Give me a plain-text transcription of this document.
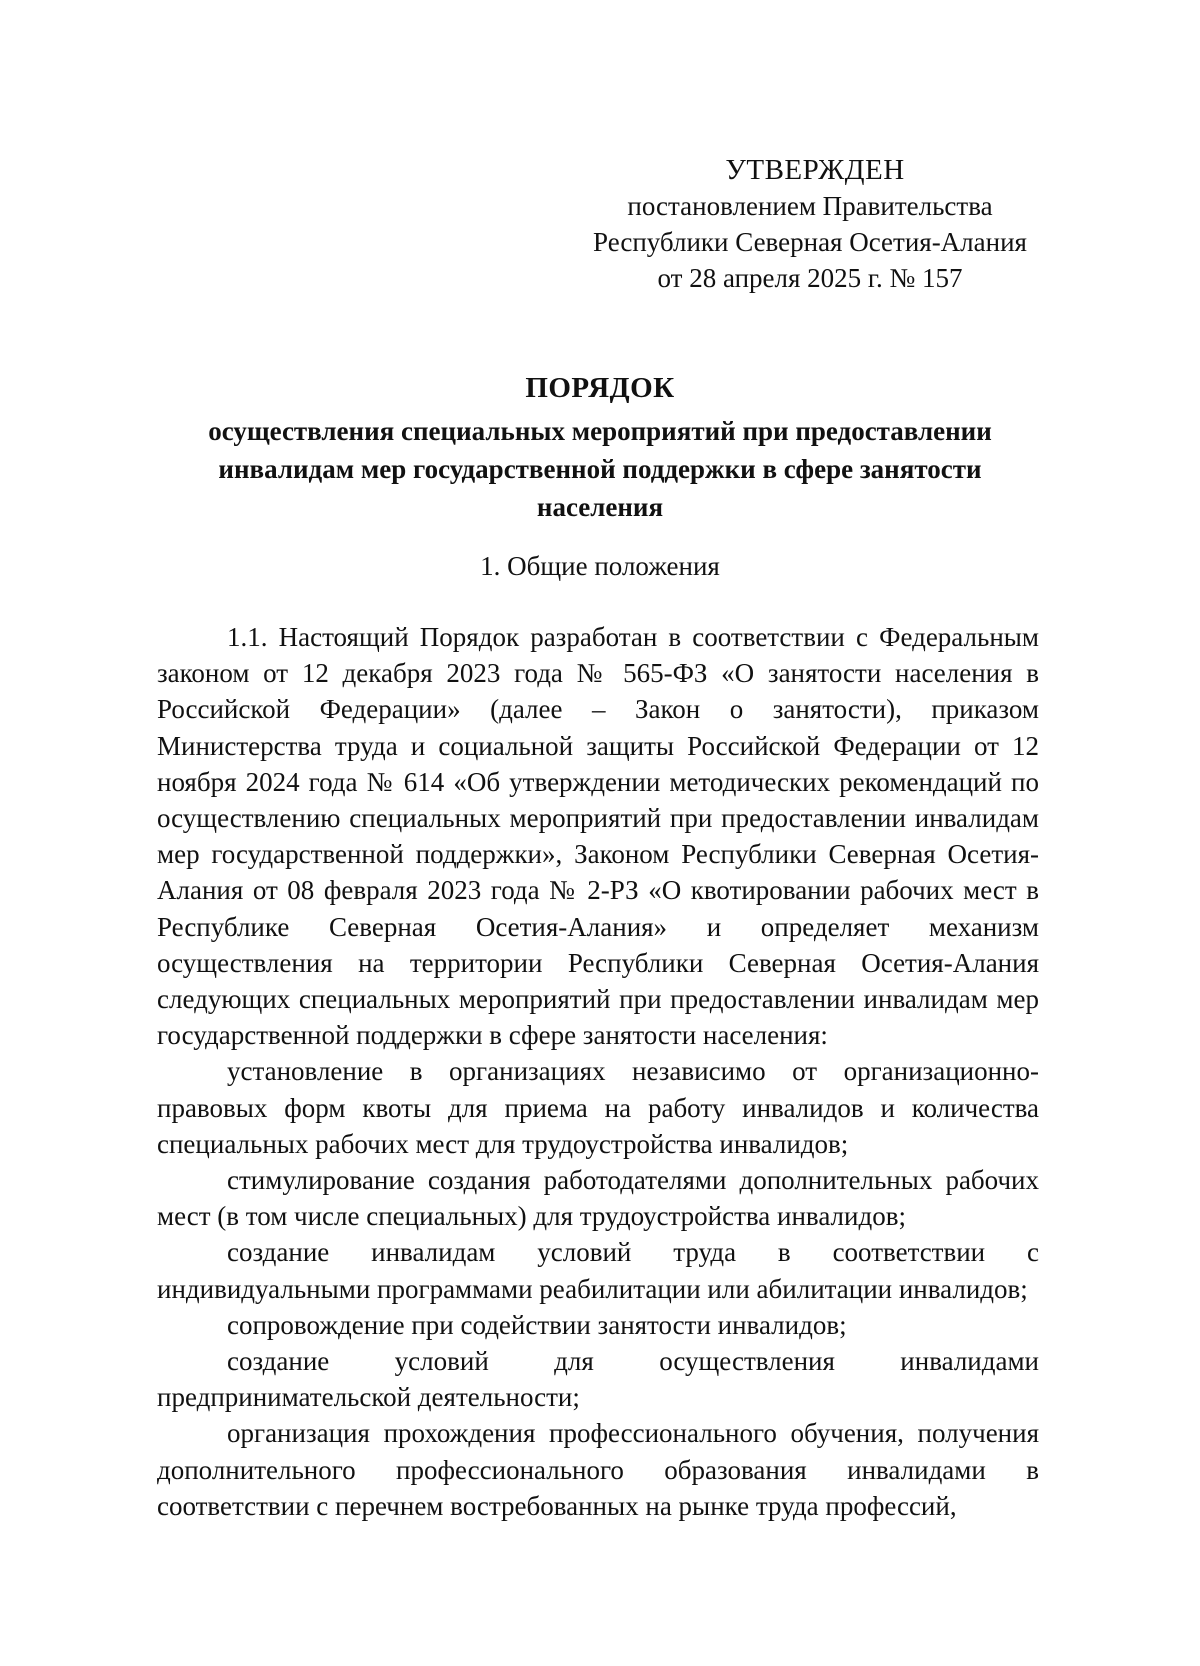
УТВЕРЖДЕН
постановлением Правительства
Республики Северная Осетия-Алания
от 28 апреля 2025 г. № 157
ПОРЯДОК
осуществления специальных мероприятий при предоставлении инвалидам мер государственной поддержки в сфере занятости населения
1. Общие положения

1.1. Настоящий Порядок разработан в соответствии с Федеральным законом от 12 декабря 2023 года № 565-ФЗ «О занятости населения в Российской Федерации» (далее – Закон о занятости), приказом Министерства труда и социальной защиты Российской Федерации от 12 ноября 2024 года № 614 «Об утверждении методических рекомендаций по осуществлению специальных мероприятий при предоставлении инвалидам мер государственной поддержки», Законом Республики Северная Осетия-Алания от 08 февраля 2023 года № 2-РЗ «О квотировании рабочих мест в Республике Северная Осетия-Алания» и определяет механизм осуществления на территории Республики Северная Осетия-Алания следующих специальных мероприятий при предоставлении инвалидам мер государственной поддержки в сфере занятости населения:

установление в организациях независимо от организационно-правовых форм квоты для приема на работу инвалидов и количества специальных рабочих мест для трудоустройства инвалидов;

стимулирование создания работодателями дополнительных рабочих мест (в том числе специальных) для трудоустройства инвалидов;

создание инвалидам условий труда в соответствии с индивидуальными программами реабилитации или абилитации инвалидов;

сопровождение при содействии занятости инвалидов;

создание условий для осуществления инвалидами предпринимательской деятельности;

организация прохождения профессионального обучения, получения дополнительного профессионального образования инвалидами в соответствии с перечнем востребованных на рынке труда профессий,
